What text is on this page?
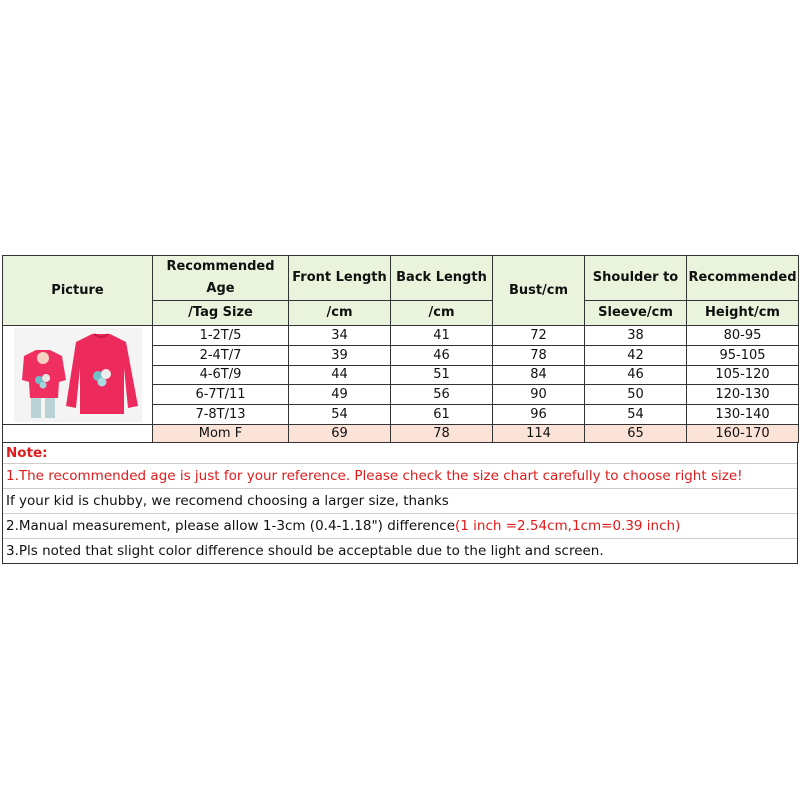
Picture	Recommended Age	Front Length	Back Length	Bust/cm	Shoulder to	Recommended
	/Tag Size	/cm	/cm		Sleeve/cm	Height/cm

	1-2T/5	34	41	72	38	80-95
	2-4T/7	39	46	78	42	95-105
	4-6T/9	44	51	84	46	105-120
	6-7T/11	49	56	90	50	120-130
	7-8T/13	54	61	96	54	130-140
	Mom F	69	78	114	65	160-170
Note:
1.The recommended age is just for your reference. Please check the size chart carefully to choose right size!
If your kid is chubby, we recomend choosing a larger size, thanks
2.Manual measurement, please allow 1-3cm (0.4-1.18") difference(1 inch =2.54cm,1cm=0.39 inch)
3.Pls noted that slight color difference should be acceptable due to the light and screen.
